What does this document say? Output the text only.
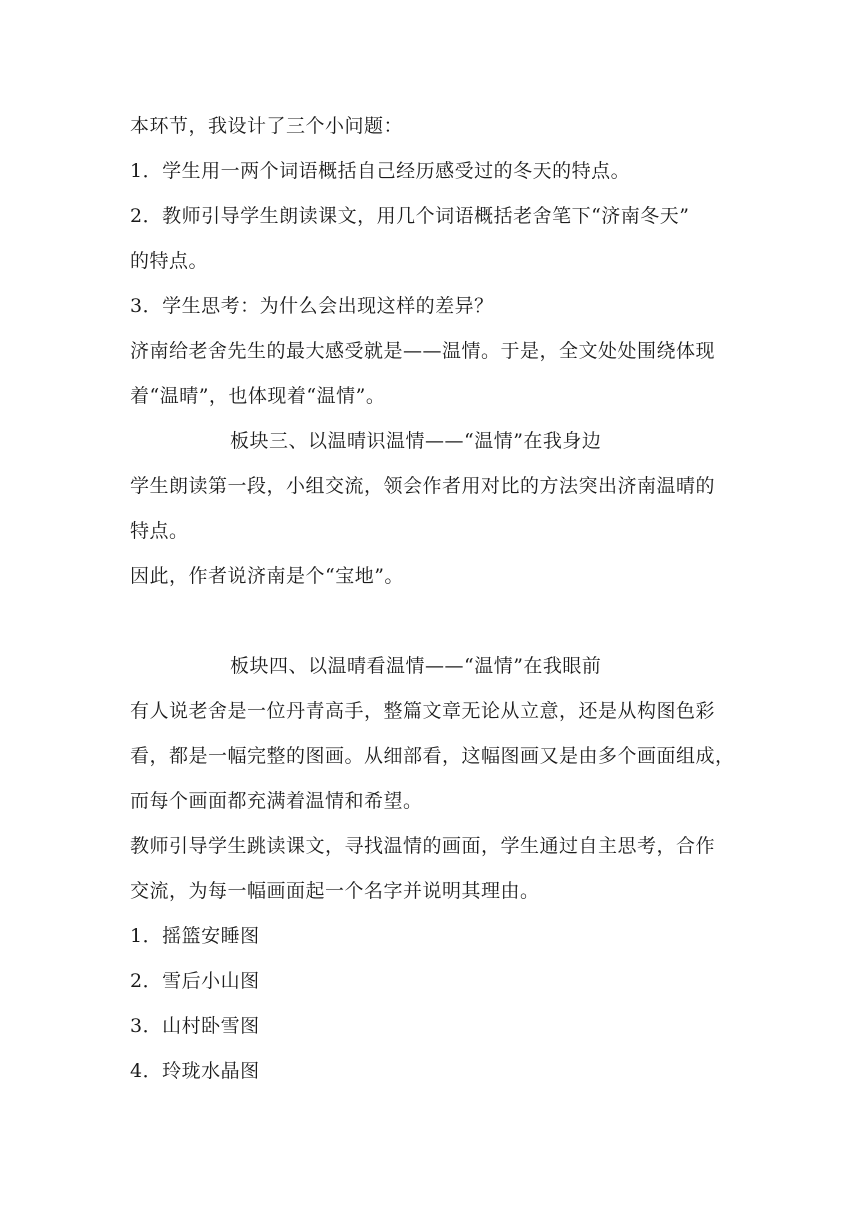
本环节，我设计了三个小问题：
1．学生用一两个词语概括自己经历感受过的冬天的特点。
2．教师引导学生朗读课文，用几个词语概括老舍笔下“济南冬天”
的特点。
3．学生思考：为什么会出现这样的差异？
济南给老舍先生的最大感受就是——温情。于是，全文处处围绕体现
着“温晴”，也体现着“温情”。
板块三、以温晴识温情——“温情”在我身边
学生朗读第一段，小组交流，领会作者用对比的方法突出济南温晴的
特点。
因此，作者说济南是个“宝地”。
板块四、以温晴看温情——“温情”在我眼前
有人说老舍是一位丹青高手，整篇文章无论从立意，还是从构图色彩
看，都是一幅完整的图画。从细部看，这幅图画又是由多个画面组成，
而每个画面都充满着温情和希望。
教师引导学生跳读课文，寻找温情的画面，学生通过自主思考，合作
交流，为每一幅画面起一个名字并说明其理由。
1．摇篮安睡图
2．雪后小山图
3．山村卧雪图
4．玲珑水晶图
